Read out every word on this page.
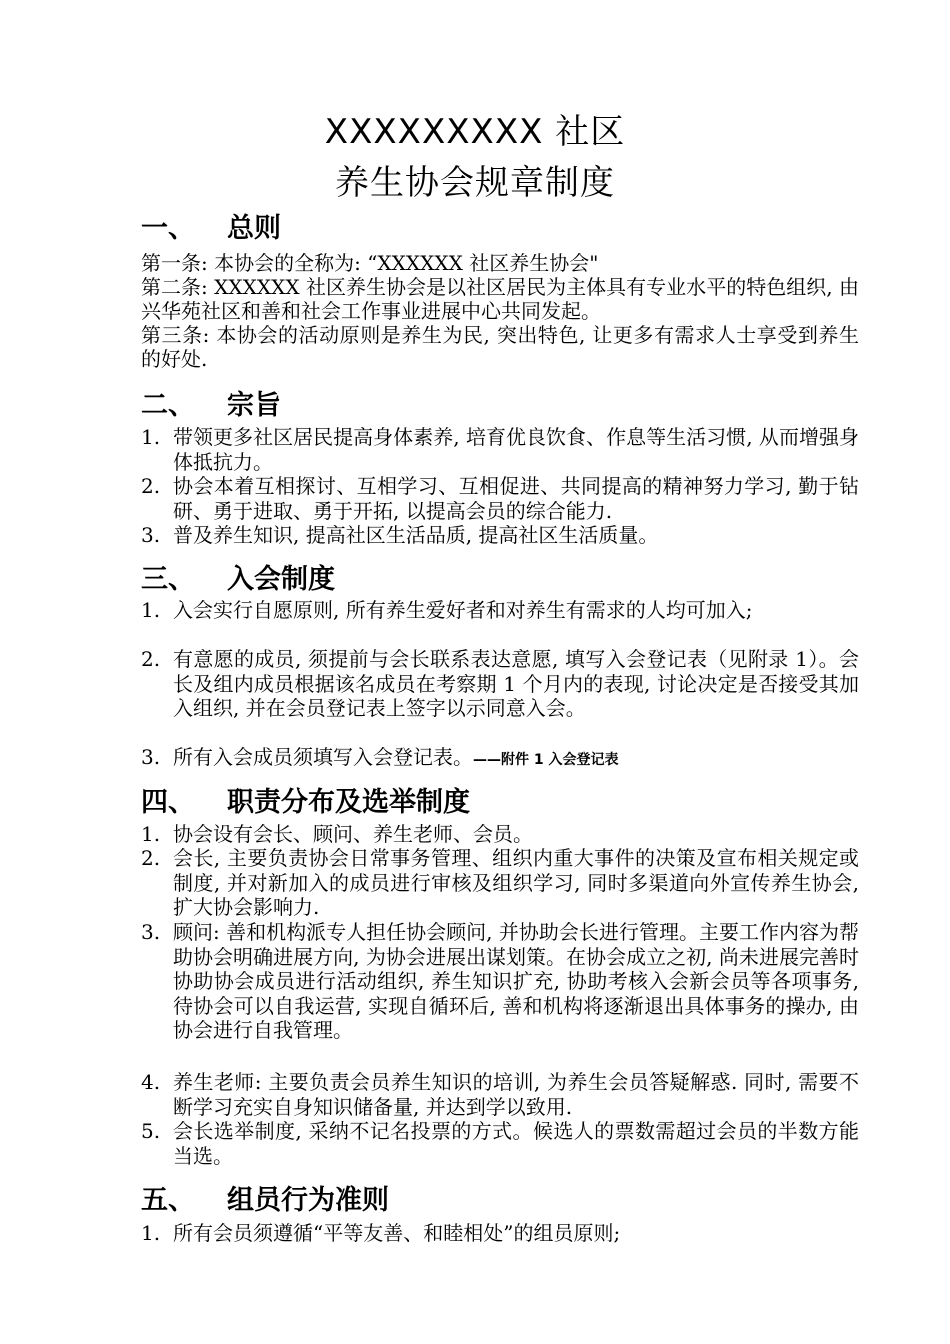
XXXXXXXXX 社区
养生协会规章制度
一、 总则
第一条: 本协会的全称为: “XXXXXX 社区养生协会"
第二条: XXXXXX 社区养生协会是以社区居民为主体具有专业水平的特色组织, 由兴华苑社区和善和社会工作事业进展中心共同发起。
第三条: 本协会的活动原则是养生为民, 突出特色, 让更多有需求人士享受到养生的好处.
二、 宗旨
1. 带领更多社区居民提高身体素养, 培育优良饮食、作息等生活习惯, 从而增强身体抵抗力。
2. 协会本着互相探讨、互相学习、互相促进、共同提高的精神努力学习, 勤于钻研、勇于进取、勇于开拓, 以提高会员的综合能力.
3. 普及养生知识, 提高社区生活品质, 提高社区生活质量。
三、 入会制度
1. 入会实行自愿原则, 所有养生爱好者和对养生有需求的人均可加入;
2. 有意愿的成员, 须提前与会长联系表达意愿, 填写入会登记表（见附录 1）。会长及组内成员根据该名成员在考察期 1 个月内的表现, 讨论决定是否接受其加入组织, 并在会员登记表上签字以示同意入会。
3. 所有入会成员须填写入会登记表。——附件 1 入会登记表
四、 职责分布及选举制度
1. 协会设有会长、顾问、养生老师、会员。
2. 会长, 主要负责协会日常事务管理、组织内重大事件的决策及宣布相关规定或制度, 并对新加入的成员进行审核及组织学习, 同时多渠道向外宣传养生协会, 扩大协会影响力.
3. 顾问: 善和机构派专人担任协会顾问, 并协助会长进行管理。主要工作内容为帮助协会明确进展方向, 为协会进展出谋划策。在协会成立之初, 尚未进展完善时协助协会成员进行活动组织, 养生知识扩充, 协助考核入会新会员等各项事务, 待协会可以自我运营, 实现自循环后, 善和机构将逐渐退出具体事务的操办, 由协会进行自我管理。
4. 养生老师: 主要负责会员养生知识的培训, 为养生会员答疑解惑. 同时, 需要不断学习充实自身知识储备量, 并达到学以致用.
5. 会长选举制度, 采纳不记名投票的方式。候选人的票数需超过会员的半数方能当选。
五、 组员行为准则
1. 所有会员须遵循“平等友善、和睦相处”的组员原则;
